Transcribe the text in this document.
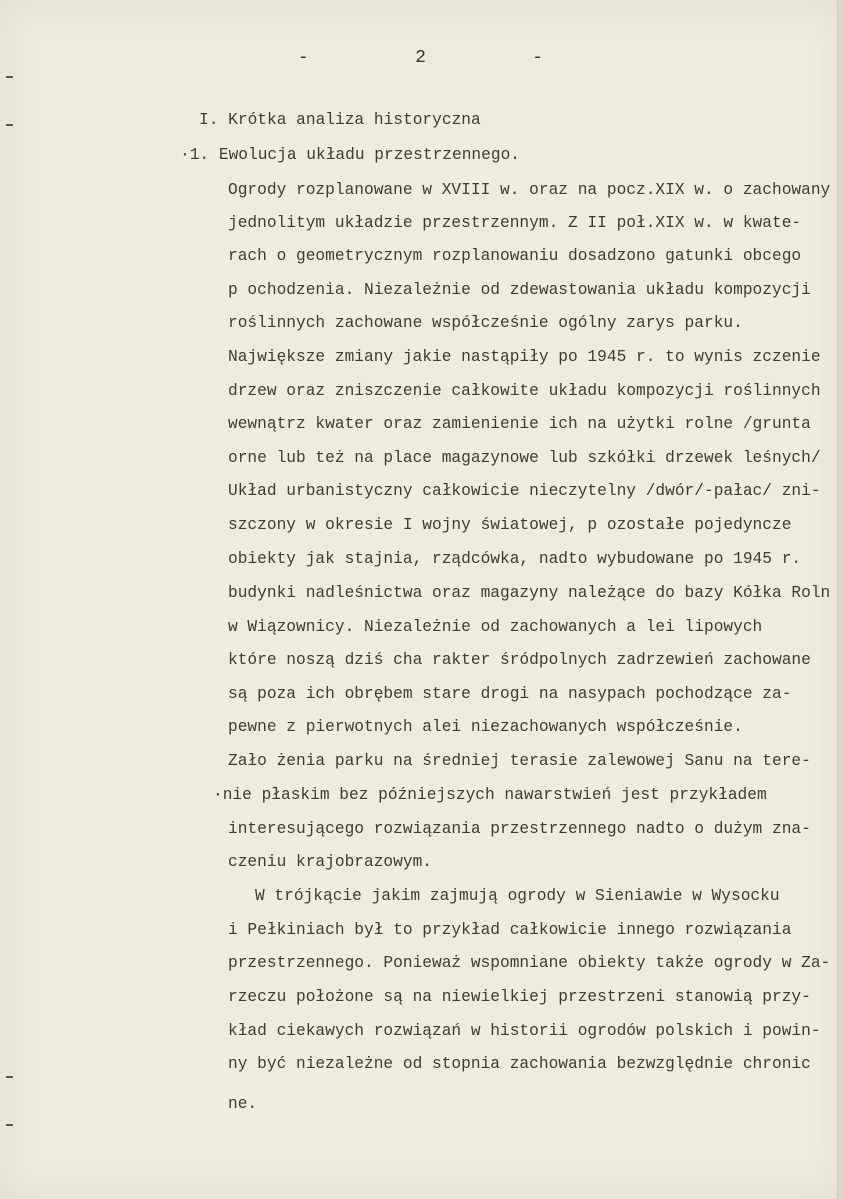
-   2   -
I. Krótka analiza historyczna
·1. Ewolucja układu przestrzennego.
Ogrody rozplanowane w XVIII w. oraz na pocz.XIX w. o zachowany
jednolitym układzie przestrzennym. Z II poł.XIX w. w kwate-
rach o geometrycznym rozplanowaniu dosadzono gatunki obcego
p ochodzenia. Niezależnie od zdewastowania układu kompozycji
roślinnych zachowane współcześnie ogólny zarys parku.
Największe zmiany jakie nastąpiły po 1945 r. to wynis zczenie
drzew oraz zniszczenie całkowite układu kompozycji roślinnych
wewnątrz kwater oraz zamienienie ich na użytki rolne /grunta
orne lub też na place magazynowe lub szkółki drzewek leśnych/
Układ urbanistyczny całkowicie nieczytelny /dwór/-pałac/ zni-
szczony w okresie I wojny światowej, p ozostałe pojedyncze
obiekty jak stajnia, rządcówka, nadto wybudowane po 1945 r.
budynki nadleśnictwa oraz magazyny należące do bazy Kółka Roln
w Wiązownicy. Niezależnie od zachowanych a lei lipowych
które noszą dziś cha rakter śródpolnych zadrzewień zachowane
są poza ich obrębem stare drogi na nasypach pochodzące za-
pewne z pierwotnych alei niezachowanych współcześnie.
Zało żenia parku na średniej terasie zalewowej Sanu na tere-
·nie płaskim bez późniejszych nawarstwień jest przykładem
interesującego rozwiązania przestrzennego nadto o dużym zna-
czeniu krajobrazowym.
W trójkącie jakim zajmują ogrody w Sieniawie w Wysocku
i Pełkiniach był to przykład całkowicie innego rozwiązania
przestrzennego. Ponieważ wspomniane obiekty także ogrody w Za-
rzeczu położone są na niewielkiej przestrzeni stanowią przy-
kład ciekawych rozwiązań w historii ogrodów polskich i powin-
ny być niezależne od stopnia zachowania bezwzględnie chronic
ne.
